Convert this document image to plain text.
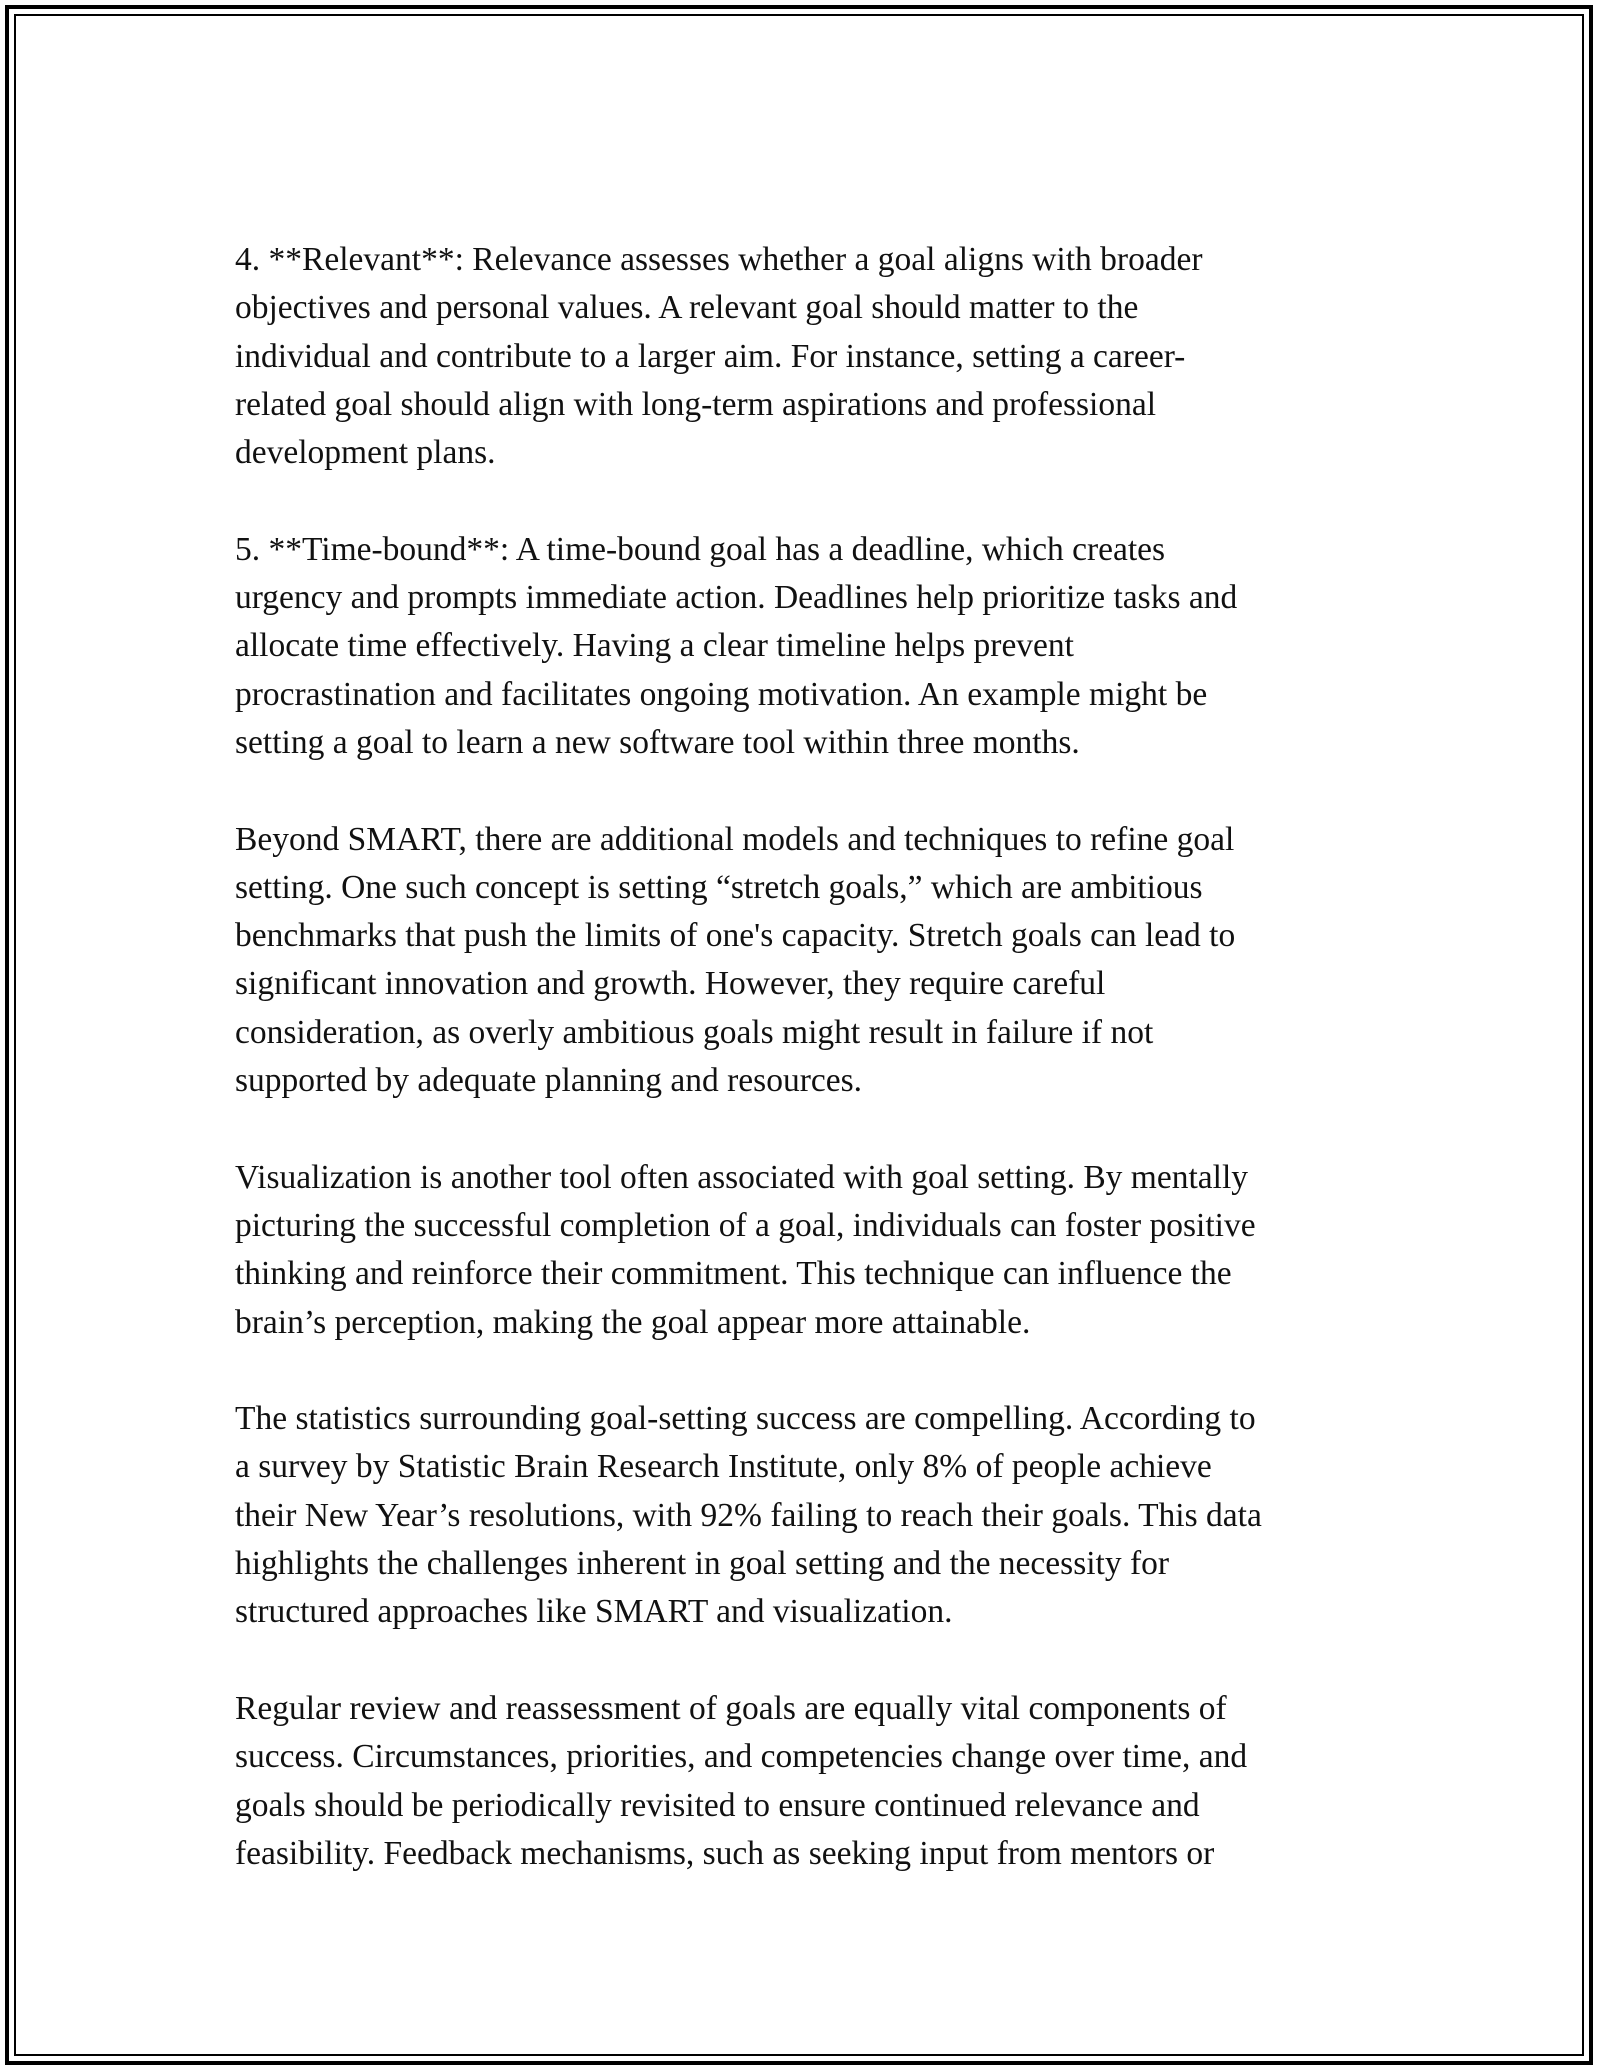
4. **Relevant**: Relevance assesses whether a goal aligns with broader
objectives and personal values. A relevant goal should matter to the
individual and contribute to a larger aim. For instance, setting a career-
related goal should align with long-term aspirations and professional
development plans.
5. **Time-bound**: A time-bound goal has a deadline, which creates
urgency and prompts immediate action. Deadlines help prioritize tasks and
allocate time effectively. Having a clear timeline helps prevent
procrastination and facilitates ongoing motivation. An example might be
setting a goal to learn a new software tool within three months.
Beyond SMART, there are additional models and techniques to refine goal
setting. One such concept is setting “stretch goals,” which are ambitious
benchmarks that push the limits of one's capacity. Stretch goals can lead to
significant innovation and growth. However, they require careful
consideration, as overly ambitious goals might result in failure if not
supported by adequate planning and resources.
Visualization is another tool often associated with goal setting. By mentally
picturing the successful completion of a goal, individuals can foster positive
thinking and reinforce their commitment. This technique can influence the
brain’s perception, making the goal appear more attainable.
The statistics surrounding goal-setting success are compelling. According to
a survey by Statistic Brain Research Institute, only 8% of people achieve
their New Year’s resolutions, with 92% failing to reach their goals. This data
highlights the challenges inherent in goal setting and the necessity for
structured approaches like SMART and visualization.
Regular review and reassessment of goals are equally vital components of
success. Circumstances, priorities, and competencies change over time, and
goals should be periodically revisited to ensure continued relevance and
feasibility. Feedback mechanisms, such as seeking input from mentors or
